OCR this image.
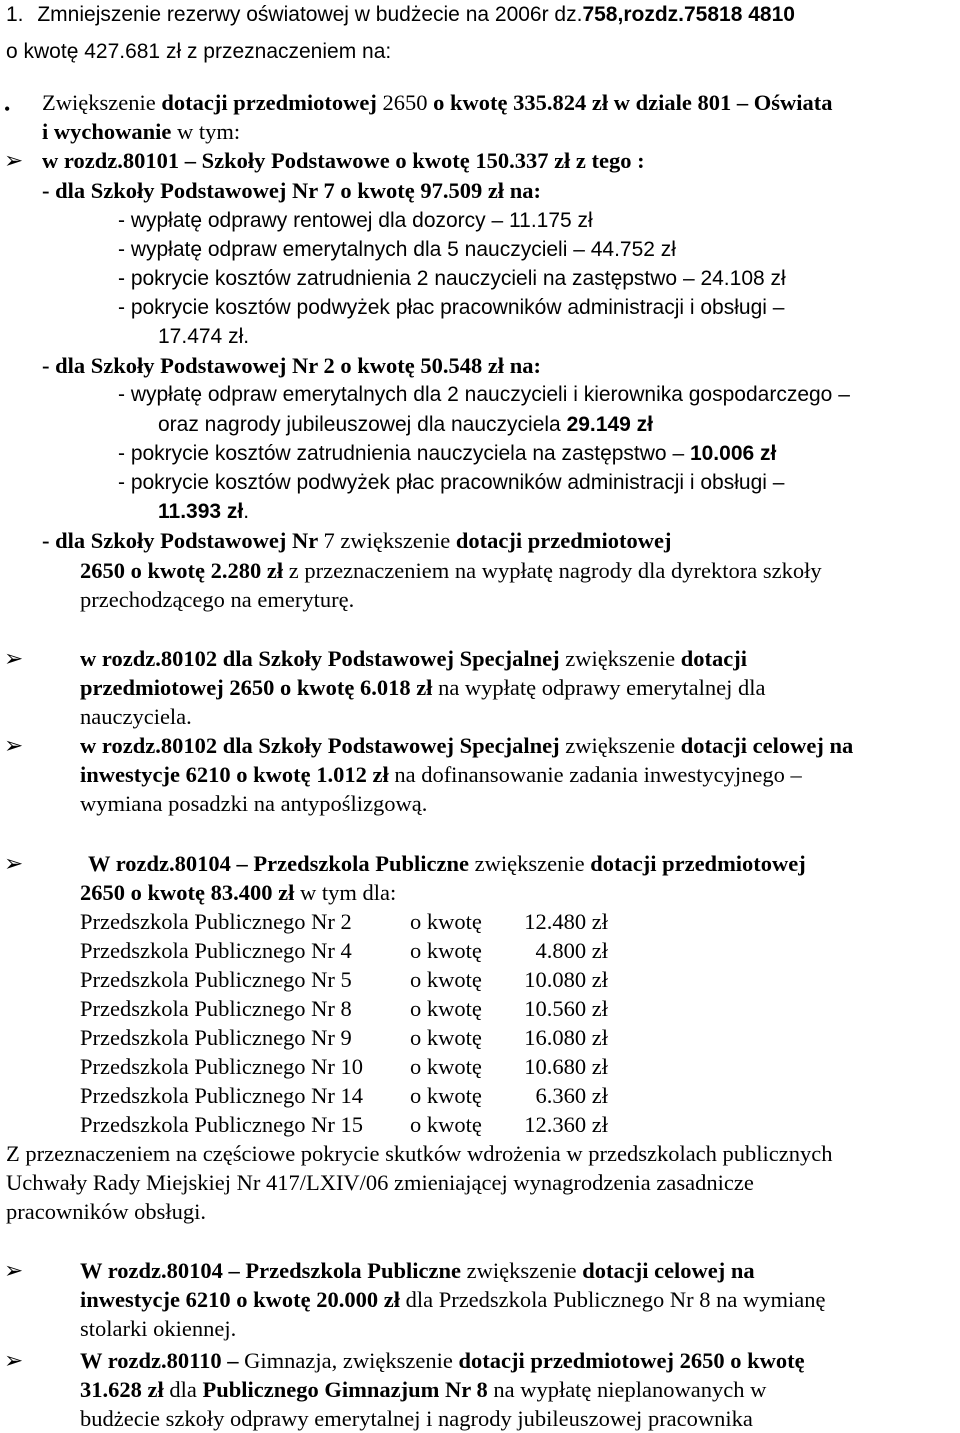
1. Zmniejszenie rezerwy oświatowej w budżecie na 2006r dz.758,rozdz.75818 4810
o kwotę 427.681 zł z przeznaczeniem na:
• Zwiększenie dotacji przedmiotowej 2650 o kwotę 335.824 zł w dziale 801 – Oświata
i wychowanie w tym:
➢ w rozdz.80101 – Szkoły Podstawowe o kwotę 150.337 zł z tego :
- dla Szkoły Podstawowej Nr 7 o kwotę 97.509 zł na:
- wypłatę odprawy rentowej dla dozorcy – 11.175 zł
- wypłatę odpraw emerytalnych dla 5 nauczycieli – 44.752 zł
- pokrycie kosztów zatrudnienia 2 nauczycieli na zastępstwo – 24.108 zł
- pokrycie kosztów podwyżek płac pracowników administracji i obsługi –
17.474 zł.
- dla Szkoły Podstawowej Nr 2 o kwotę 50.548 zł na:
- wypłatę odpraw emerytalnych dla 2 nauczycieli i kierownika gospodarczego –
oraz nagrody jubileuszowej dla nauczyciela 29.149 zł
- pokrycie kosztów zatrudnienia nauczyciela na zastępstwo – 10.006 zł
- pokrycie kosztów podwyżek płac pracowników administracji i obsługi –
11.393 zł.
- dla Szkoły Podstawowej Nr 7 zwiększenie dotacji przedmiotowej
2650 o kwotę 2.280 zł z przeznaczeniem na wypłatę nagrody dla dyrektora szkoły
przechodzącego na emeryturę.
➢	w rozdz.80102 dla Szkoły Podstawowej Specjalnej zwiększenie dotacji
przedmiotowej 2650 o kwotę 6.018 zł na wypłatę odprawy emerytalnej dla
nauczyciela.
➢	w rozdz.80102 dla Szkoły Podstawowej Specjalnej zwiększenie dotacji celowej na
inwestycje 6210 o kwotę 1.012 zł na dofinansowanie zadania inwestycyjnego –
wymiana posadzki na antypoślizgową.
➢	W rozdz.80104 – Przedszkola Publiczne zwiększenie dotacji przedmiotowej
2650 o kwotę 83.400 zł w tym dla:
Przedszkola Publicznego Nr 2	o kwotę	12.480 zł
Przedszkola Publicznego Nr 4	o kwotę	4.800 zł
Przedszkola Publicznego Nr 5	o kwotę	10.080 zł
Przedszkola Publicznego Nr 8	o kwotę	10.560 zł
Przedszkola Publicznego Nr 9	o kwotę	16.080 zł
Przedszkola Publicznego Nr 10	o kwotę	10.680 zł
Przedszkola Publicznego Nr 14	o kwotę	6.360 zł
Przedszkola Publicznego Nr 15	o kwotę	12.360 zł
Z przeznaczeniem na częściowe pokrycie skutków wdrożenia w przedszkolach publicznych
Uchwały Rady Miejskiej Nr 417/LXIV/06 zmieniającej wynagrodzenia zasadnicze
pracowników obsługi.
➢	W rozdz.80104 – Przedszkola Publiczne zwiększenie dotacji celowej na
inwestycje 6210 o kwotę 20.000 zł dla Przedszkola Publicznego Nr 8 na wymianę
stolarki okiennej.
➢	W rozdz.80110 – Gimnazja, zwiększenie dotacji przedmiotowej 2650 o kwotę
31.628 zł dla Publicznego Gimnazjum Nr 8 na wypłatę nieplanowanych w
budżecie szkoły odprawy emerytalnej i nagrody jubileuszowej pracownika
